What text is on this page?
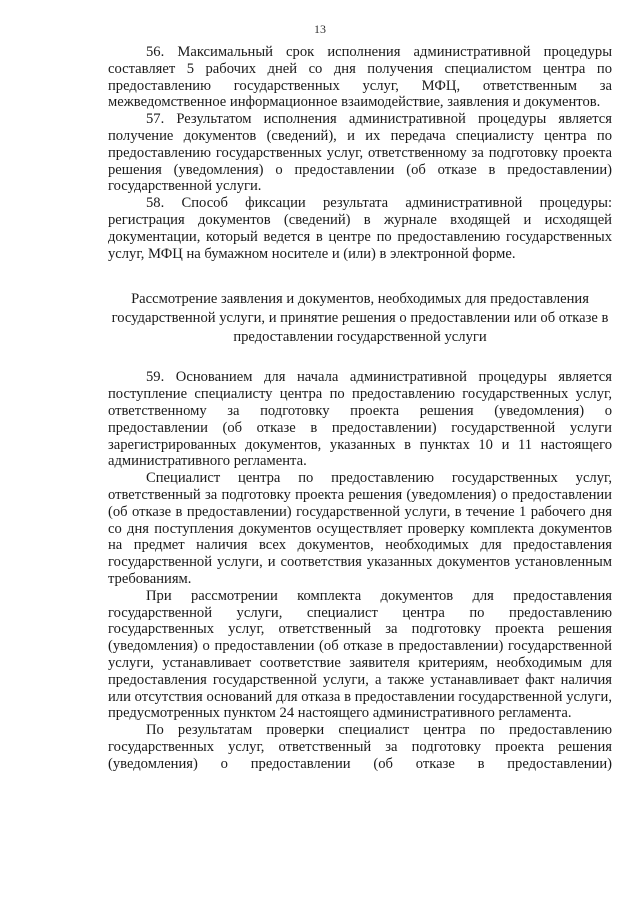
13

56. Максимальный срок исполнения административной процедуры составляет 5 рабочих дней со дня получения специалистом центра по предоставлению государственных услуг, МФЦ, ответственным за межведомственное информационное взаимодействие, заявления и документов.

57. Результатом исполнения административной процедуры является получение документов (сведений), и их передача специалисту центра по предоставлению государственных услуг, ответственному за подготовку проекта решения (уведомления) о предоставлении (об отказе в предоставлении) государственной услуги.

58. Способ фиксации результата административной процедуры: регистрация документов (сведений) в журнале входящей и исходящей документации, который ведется в центре по предоставлению государственных услуг, МФЦ на бумажном носителе и (или) в электронной форме.

Рассмотрение заявления и документов, необходимых для предоставления государственной услуги, и принятие решения о предоставлении или об отказе в предоставлении государственной услуги

59. Основанием для начала административной процедуры является поступление специалисту центра по предоставлению государственных услуг, ответственному за подготовку проекта решения (уведомления) о предоставлении (об отказе в предоставлении) государственной услуги зарегистрированных документов, указанных в пунктах 10 и 11 настоящего административного регламента.

Специалист центра по предоставлению государственных услуг, ответственный за подготовку проекта решения (уведомления) о предоставлении (об отказе в предоставлении) государственной услуги, в течение 1 рабочего дня со дня поступления документов осуществляет проверку комплекта документов на предмет наличия всех документов, необходимых для предоставления государственной услуги, и соответствия указанных документов установленным требованиям.

При рассмотрении комплекта документов для предоставления государственной услуги, специалист центра по предоставлению государственных услуг, ответственный за подготовку проекта решения (уведомления) о предоставлении (об отказе в предоставлении) государственной услуги, устанавливает соответствие заявителя критериям, необходимым для предоставления государственной услуги, а также устанавливает факт наличия или отсутствия оснований для отказа в предоставлении государственной услуги, предусмотренных пунктом 24 настоящего административного регламента.

По результатам проверки специалист центра по предоставлению государственных услуг, ответственный за подготовку проекта решения (уведомления) о предоставлении (об отказе в предоставлении)
